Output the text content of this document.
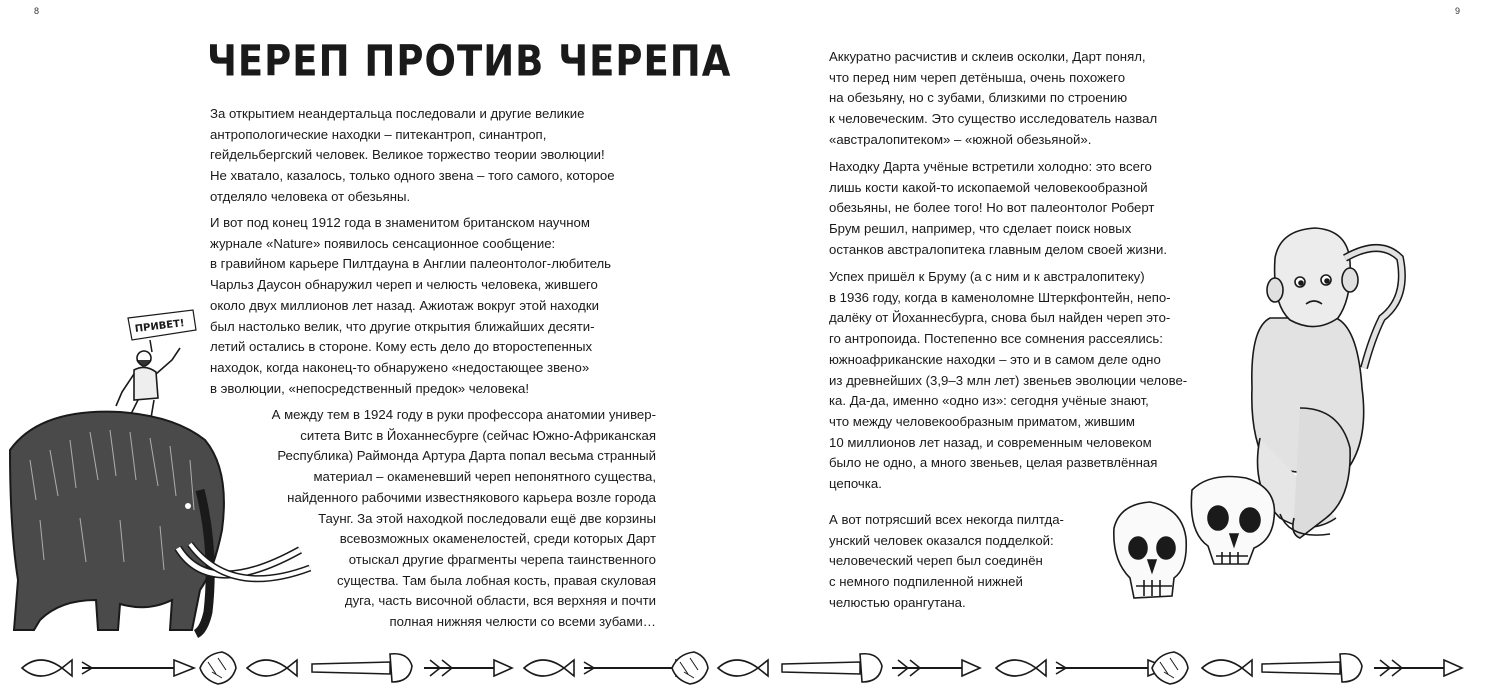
8	9
ЧЕРЕП ПРОТИВ ЧЕРЕПА
За открытием неандертальца последовали и другие великие
антропологические находки – питекантроп, синантроп,
гейдельбергский человек. Великое торжество теории эволюции!
Не хватало, казалось, только одного звена – того самого, которое
отделяло человека от обезьяны.
И вот под конец 1912 года в знаменитом британском научном
журнале «Nature» появилось сенсационное сообщение:
в гравийном карьере Пилтдауна в Англии палеонтолог-любитель
Чарльз Даусон обнаружил череп и челюсть человека, жившего
около двух миллионов лет назад. Ажиотаж вокруг этой находки
был настолько велик, что другие открытия ближайших десяти-
летий остались в стороне. Кому есть дело до второстепенных
находок, когда наконец-то обнаружено «недостающее звено»
в эволюции, «непосредственный предок» человека!
А между тем в 1924 году в руки профессора анатомии универ-
ситета Витс в Йоханнесбурге (сейчас Южно-Африканская
Республика) Раймонда Артура Дарта попал весьма странный
материал – окаменевший череп непонятного существа,
найденного рабочими известнякового карьера возле города
Таунг. За этой находкой последовали ещё две корзины
всевозможных окаменелостей, среди которых Дарт
отыскал другие фрагменты черепа таинственного
существа. Там была лобная кость, правая скуловая
дуга, часть височной области, вся верхняя и почти
полная нижняя челюсти со всеми зубами…
Аккуратно расчистив и склеив осколки, Дарт понял,
что перед ним череп детёныша, очень похожего
на обезьяну, но с зубами, близкими по строению
к человеческим. Это существо исследователь назвал
«австралопитеком» – «южной обезьяной».
Находку Дарта учёные встретили холодно: это всего
лишь кости какой-то ископаемой человекообразной
обезьяны, не более того! Но вот палеонтолог Роберт
Брум решил, например, что сделает поиск новых
останков австралопитека главным делом своей жизни.
Успех пришёл к Бруму (а с ним и к австралопитеку)
в 1936 году, когда в каменоломне Штеркфонтейн, непо-
далёку от Йоханнесбурга, снова был найден череп это-
го антропоида. Постепенно все сомнения рассеялись:
южноафриканские находки – это и в самом деле одно
из древнейших (3,9–3 млн лет) звеньев эволюции челове-
ка. Да-да, именно «одно из»: сегодня учёные знают,
что между человекообразным приматом, жившим
10 миллионов лет назад, и современным человеком
было не одно, а много звеньев, целая разветвлённая
цепочка.
А вот потрясший всех некогда пилтда-
унский человек оказался подделкой:
человеческий череп был соединён
с немного подпиленной нижней
челюстью орангутана.
ПРИВЕТ!
